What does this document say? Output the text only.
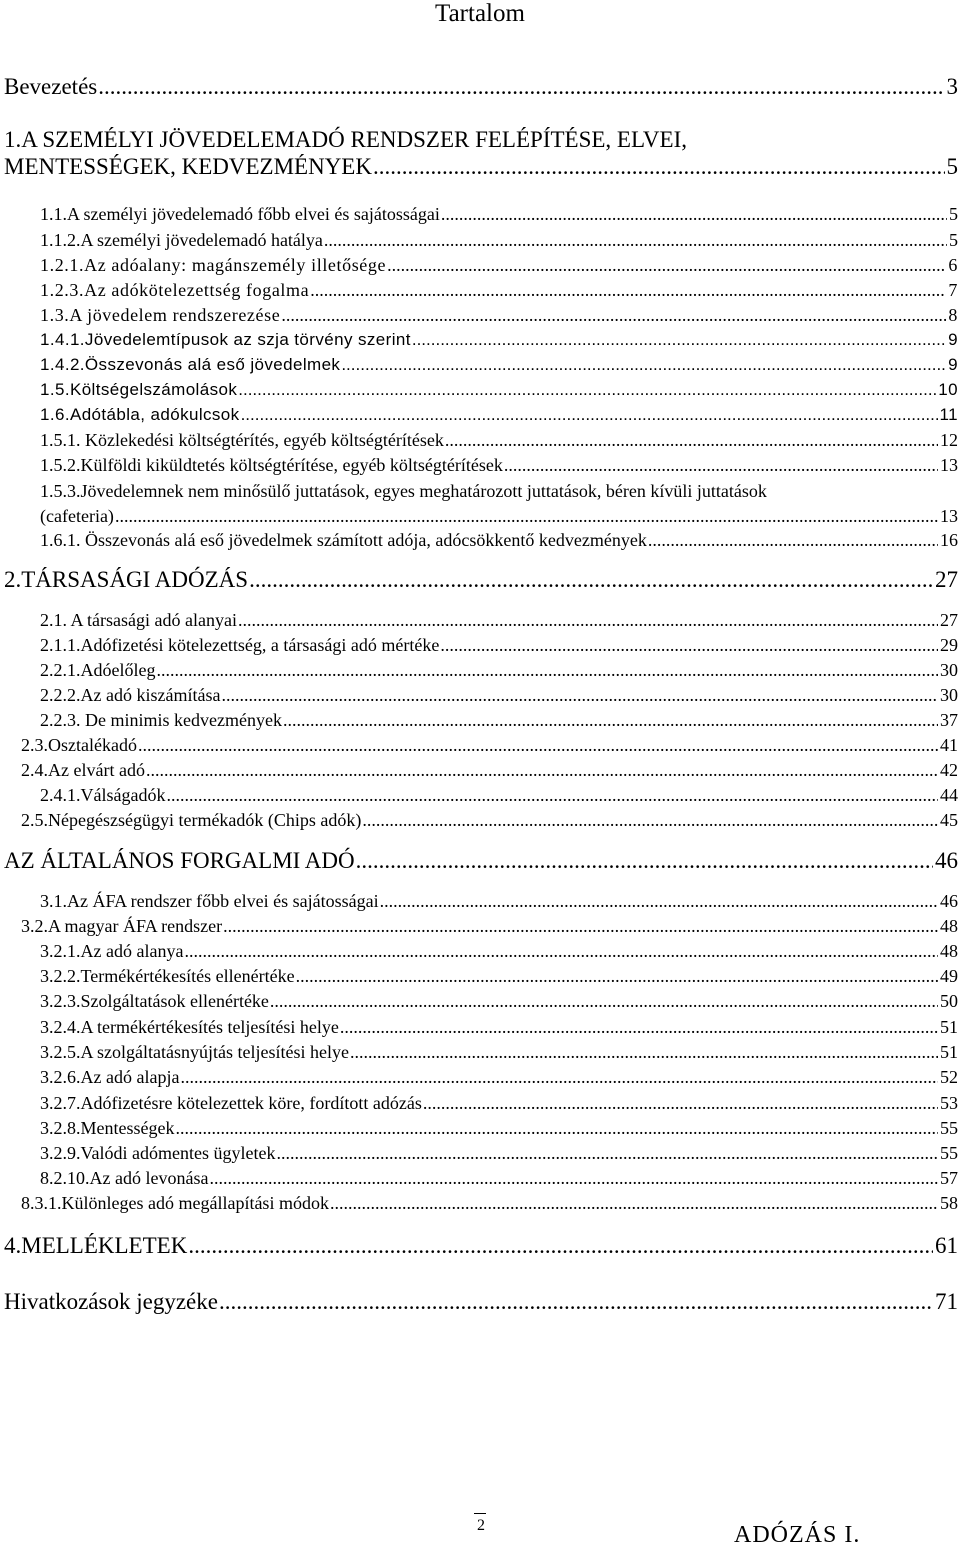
Tartalom
Bevezetés .....	3
1.A SZEMÉLYI JÖVEDELEMADÓ RENDSZER FELÉPÍTÉSE, ELVEI,
MENTESSÉGEK, KEDVEZMÉNYEK .....	5
1.1.A személyi jövedelemadó főbb elvei és sajátosságai .....	5
1.1.2.A személyi jövedelemadó hatálya .....	5
1.2.1.Az adóalany: magánszemély illetősége .....	6
1.2.3.Az adókötelezettség fogalma .....	7
1.3.A jövedelem rendszerezése .....	8
1.4.1.Jövedelemtípusok az szja törvény szerint .....	9
1.4.2.Összevonás alá eső jövedelmek .....	9
1.5.Költségelszámolások .....	10
1.6.Adótábla, adókulcsok .....	11
1.5.1. Közlekedési költségtérítés, egyéb költségtérítések .....	12
1.5.2.Külföldi kiküldtetés költségtérítése, egyéb költségtérítések .....	13
1.5.3.Jövedelemnek nem minősülő juttatások, egyes meghatározott juttatások, béren kívüli juttatások
(cafeteria) .....	13
1.6.1. Összevonás alá eső jövedelmek számított adója, adócsökkentő kedvezmények .....	16
2.TÁRSASÁGI ADÓZÁS .....	27
2.1. A társasági adó alanyai .....	27
2.1.1.Adófizetési kötelezettség, a társasági adó mértéke .....	29
2.2.1.Adóelőleg .....	30
2.2.2.Az adó kiszámítása .....	30
2.2.3. De minimis kedvezmények .....	37
2.3.Osztalékadó .....	41
2.4.Az elvárt adó .....	42
2.4.1.Válságadók .....	44
2.5.Népegészségügyi termékadók (Chips adók) .....	45
AZ ÁLTALÁNOS FORGALMI ADÓ .....	46
3.1.Az ÁFA rendszer főbb elvei és sajátosságai .....	46
3.2.A magyar ÁFA rendszer .....	48
3.2.1.Az adó alanya .....	48
3.2.2.Termékértékesítés ellenértéke .....	49
3.2.3.Szolgáltatások ellenértéke .....	50
3.2.4.A termékértékesítés teljesítési helye .....	51
3.2.5.A szolgáltatásnyújtás teljesítési helye .....	51
3.2.6.Az adó alapja .....	52
3.2.7.Adófizetésre kötelezettek köre, fordított adózás .....	53
3.2.8.Mentességek .....	55
3.2.9.Valódi adómentes ügyletek .....	55
8.2.10.Az adó levonása .....	57
8.3.1.Különleges adó megállapítási módok .....	58
4.MELLÉKLETEK .....	61
Hivatkozások jegyzéke .....	71
2	ADÓZÁS I.
